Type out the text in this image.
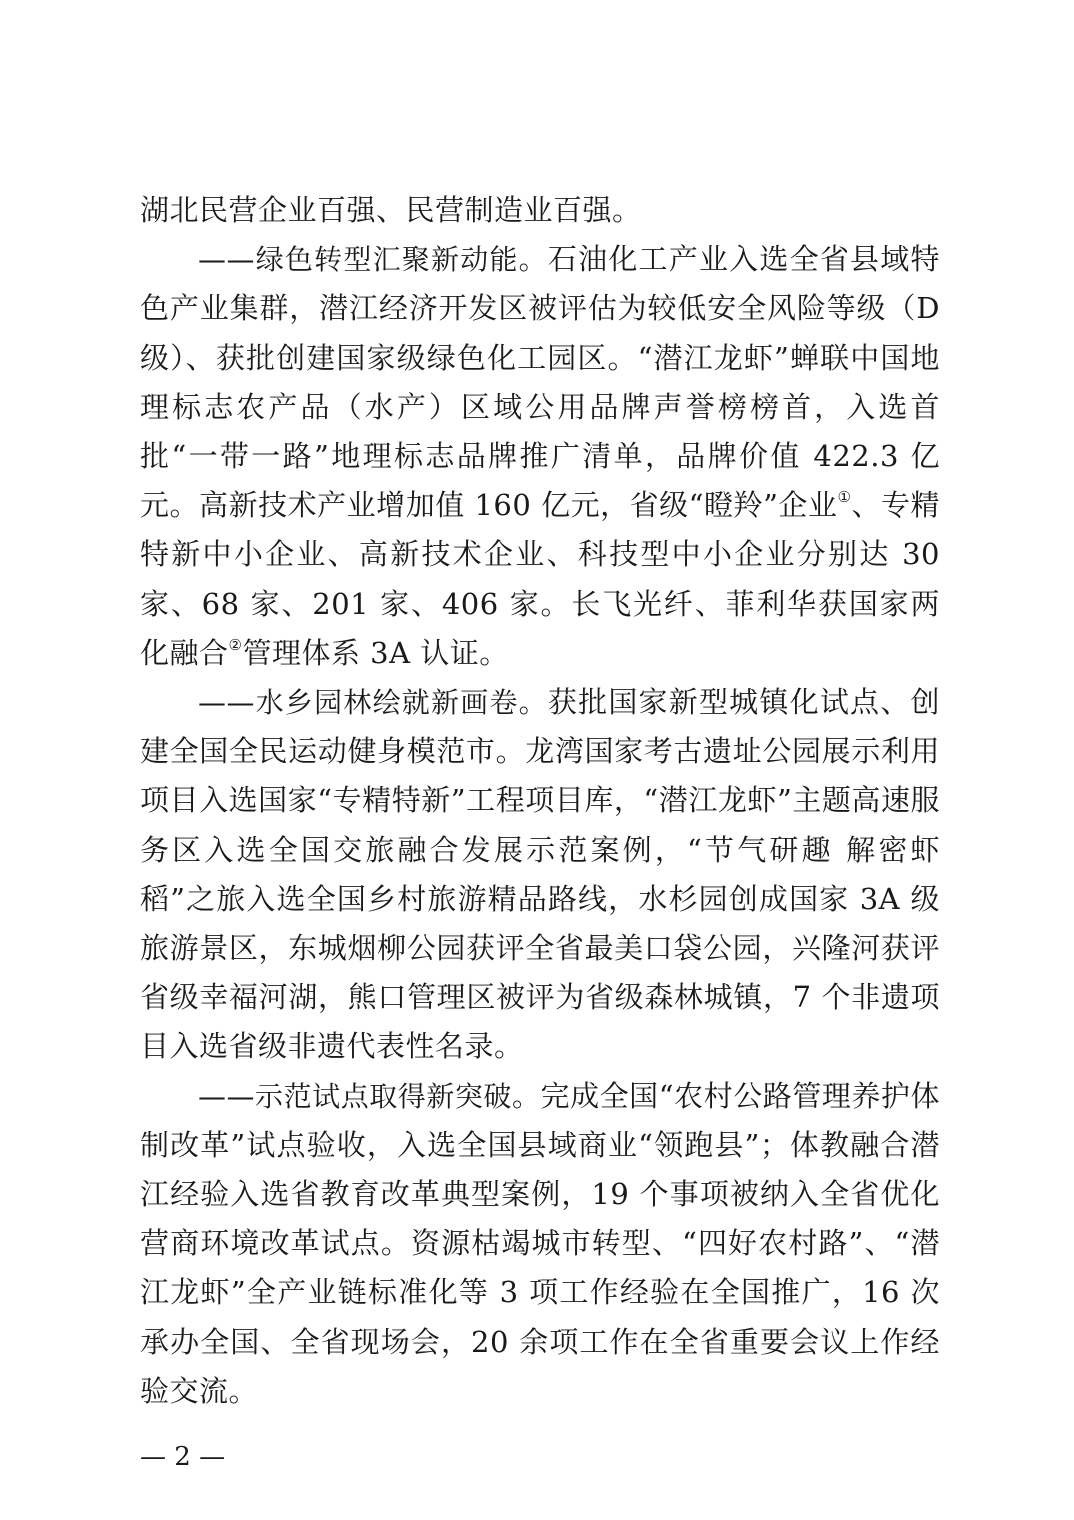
湖北民营企业百强、民营制造业百强。

——绿色转型汇聚新动能。石油化工产业入选全省县域特色产业集群，潜江经济开发区被评估为较低安全风险等级（D级）、获批创建国家级绿色化工园区。“潜江龙虾”蝉联中国地理标志农产品（水产）区域公用品牌声誉榜榜首，入选首批“一带一路”地理标志品牌推广清单，品牌价值 422.3 亿元。高新技术产业增加值 160 亿元，省级“瞪羚”企业①、专精特新中小企业、高新技术企业、科技型中小企业分别达 30 家、68 家、201 家、406 家。长飞光纤、菲利华获国家两化融合②管理体系 3A 认证。

——水乡园林绘就新画卷。获批国家新型城镇化试点、创建全国全民运动健身模范市。龙湾国家考古遗址公园展示利用项目入选国家“专精特新”工程项目库，“潜江龙虾”主题高速服务区入选全国交旅融合发展示范案例，“节气研趣 解密虾稻”之旅入选全国乡村旅游精品路线，水杉园创成国家 3A 级旅游景区，东城烟柳公园获评全省最美口袋公园，兴隆河获评省级幸福河湖，熊口管理区被评为省级森林城镇，7 个非遗项目入选省级非遗代表性名录。

——示范试点取得新突破。完成全国“农村公路管理养护体制改革”试点验收，入选全国县域商业“领跑县”；体教融合潜江经验入选省教育改革典型案例，19 个事项被纳入全省优化营商环境改革试点。资源枯竭城市转型、“四好农村路”、“潜江龙虾”全产业链标准化等 3 项工作经验在全国推广，16 次承办全国、全省现场会，20 余项工作在全省重要会议上作经验交流。

— 2 —
